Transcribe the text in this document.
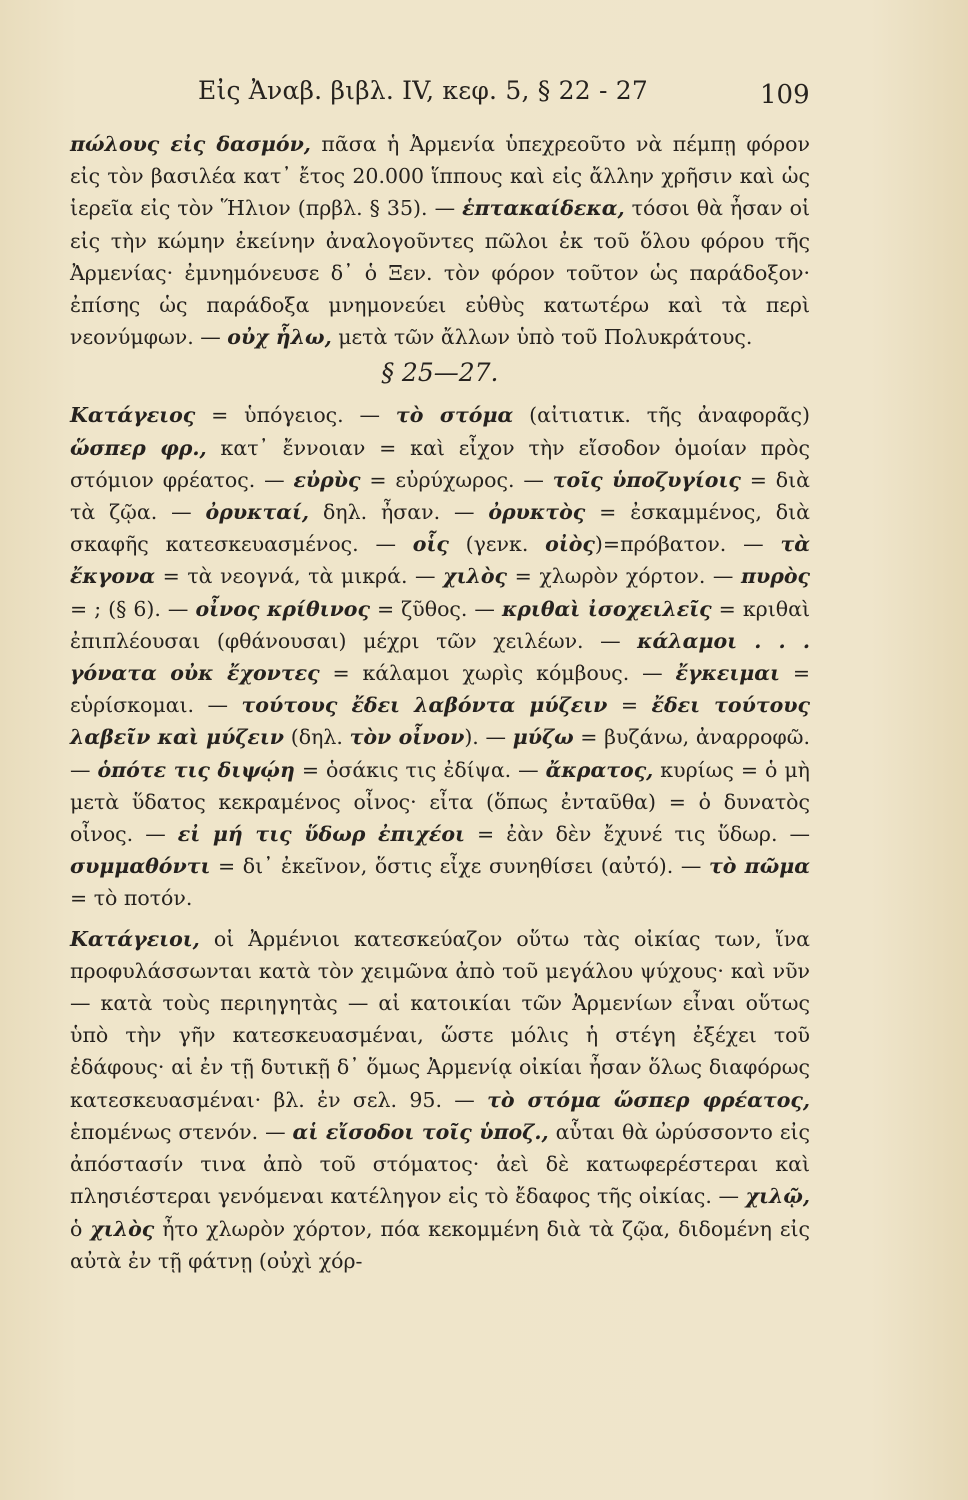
Εἰς Ἀναβ. βιβλ. IV, κεφ. 5, § 22 - 27	109

πώλους εἰς δασμόν, πᾶσα ἡ Ἀρμενία ὑπεχρεοῦτο νὰ πέμπῃ φόρον εἰς τὸν βασιλέα κατ᾽ ἔτος 20.000 ἵππους καὶ εἰς ἄλλην χρῆσιν καὶ ὡς ἱερεῖα εἰς τὸν Ἥλιον (πρβλ. § 35). — ἑπτακαίδεκα, τόσοι θὰ ἦσαν οἱ εἰς τὴν κώμην ἐκείνην ἀναλογοῦντες πῶλοι ἐκ τοῦ ὅλου φόρου τῆς Ἀρμενίας· ἐμνημόνευσε δ᾽ ὁ Ξεν. τὸν φόρον τοῦτον ὡς παράδοξον· ἐπίσης ὡς παράδοξα μνημονεύει εὐθὺς κατωτέρω καὶ τὰ περὶ νεονύμφων. — οὐχ ἧλω, μετὰ τῶν ἄλλων ὑπὸ τοῦ Πολυκράτους.

§ 25—27.

Κατάγειος = ὑπόγειος. — τὸ στόμα (αἰτιατικ. τῆς ἀναφορᾶς) ὥσπερ φρ., κατ᾽ ἔννοιαν = καὶ εἶχον τὴν εἴσοδον ὁμοίαν πρὸς στόμιον φρέατος. — εὐρὺς = εὐρύχωρος. — τοῖς ὑποζυγίοις = διὰ τὰ ζῷα. — ὀρυκταί, δηλ. ἦσαν. — ὀρυκτὸς = ἐσκαμμένος, διὰ σκαφῆς κατεσκευασμένος. — οἷς (γενκ. οἰὸς)=πρόβατον. — τὰ ἔκγονα = τὰ νεογνά, τὰ μικρά. — χιλὸς = χλωρὸν χόρτον. — πυρὸς = ; (§ 6). — οἶνος κρίθινος = ζῦθος. — κριθαὶ ἰσοχειλεῖς = κριθαὶ ἐπιπλέουσαι (φθάνουσαι) μέχρι τῶν χειλέων. — κάλαμοι . . . γόνατα οὐκ ἔχοντες = κάλαμοι χωρὶς κόμβους. — ἔγκειμαι = εὑρίσκομαι. — τούτους ἔδει λαβόντα μύζειν = ἔδει τούτους λαβεῖν καὶ μύζειν (δηλ. τὸν οἶνον). — μύζω = βυζάνω, ἀναρροφῶ. — ὁπότε τις διψῴη = ὁσάκις τις ἐδίψα. — ἄκρατος, κυρίως = ὁ μὴ μετὰ ὕδατος κεκραμένος οἶνος· εἶτα (ὅπως ἐνταῦθα) = ὁ δυνατὸς οἶνος. — εἰ μή τις ὕδωρ ἐπιχέοι = ἐὰν δὲν ἔχυνέ τις ὕδωρ. — συμμαθόντι = δι᾽ ἐκεῖνον, ὅστις εἶχε συνηθίσει (αὐτό). — τὸ πῶμα = τὸ ποτόν.

Κατάγειοι, οἱ Ἀρμένιοι κατεσκεύαζον οὕτω τὰς οἰκίας των, ἵνα προφυλάσσωνται κατὰ τὸν χειμῶνα ἀπὸ τοῦ μεγάλου ψύχους· καὶ νῦν — κατὰ τοὺς περιηγητὰς — αἱ κατοικίαι τῶν Ἀρμενίων εἶναι οὕτως ὑπὸ τὴν γῆν κατεσκευασμέναι, ὥστε μόλις ἡ στέγη ἐξέχει τοῦ ἐδάφους· αἱ ἐν τῇ δυτικῇ δ᾽ ὅμως Ἀρμενίᾳ οἰκίαι ἦσαν ὅλως διαφόρως κατεσκευασμέναι· βλ. ἐν σελ. 95. — τὸ στόμα ὥσπερ φρέατος, ἑπομένως στενόν. — αἱ εἴσοδοι τοῖς ὑποζ., αὗται θὰ ὠρύσσοντο εἰς ἀπόστασίν τινα ἀπὸ τοῦ στόματος· ἀεὶ δὲ κατωφερέστεραι καὶ πλησιέστεραι γενόμεναι κατέληγον εἰς τὸ ἔδαφος τῆς οἰκίας. — χιλῷ, ὁ χιλὸς ἦτο χλωρὸν χόρτον, πόα κεκομμένη διὰ τὰ ζῷα, διδομένη εἰς αὐτὰ ἐν τῇ φάτνῃ (οὐχὶ χόρ-
